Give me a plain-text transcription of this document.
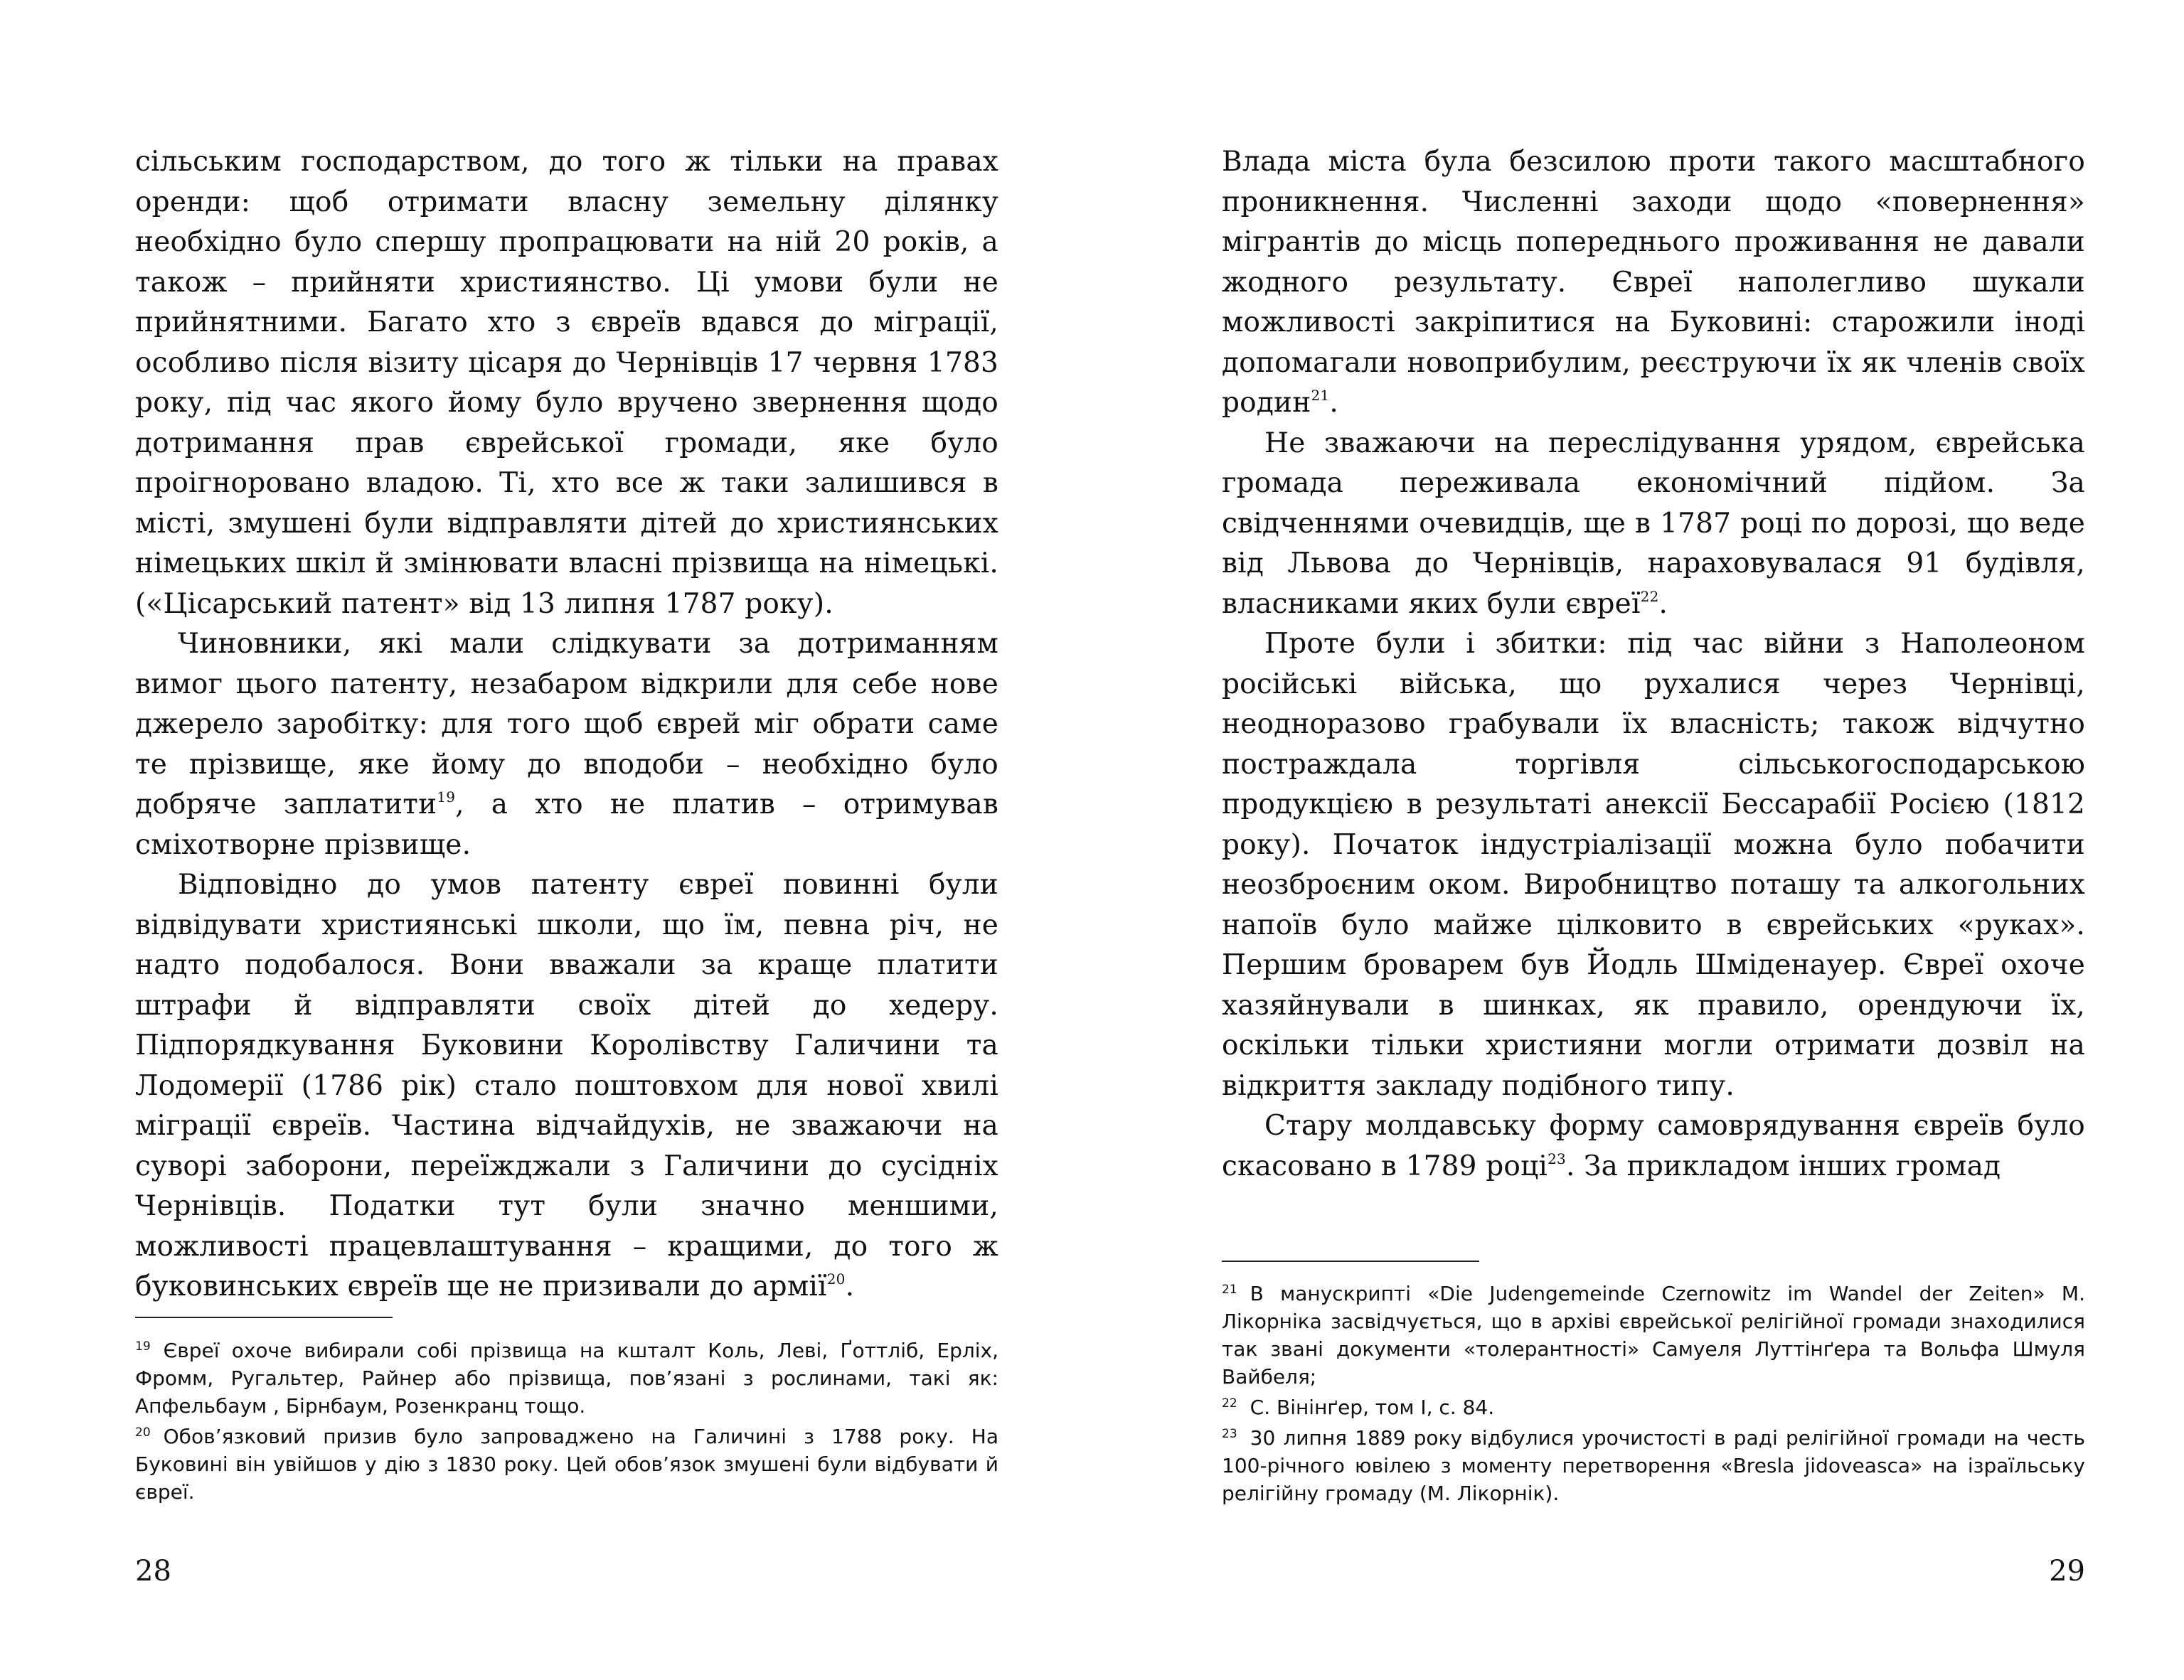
сільським господарством, до того ж тільки на правах оренди: щоб отримати власну земельну ділянку необхідно було спершу пропрацювати на ній 20 років, а також – прийняти християнство. Ці умови були не прийнятними. Багато хто з євреїв вдався до міграції, особливо після візиту цісаря до Чернівців 17 червня 1783 року, під час якого йому було вручено звернення щодо дотримання прав єврейської громади, яке було проігноровано владою. Ті, хто все ж таки залишився в місті, змушені були відправляти дітей до християнських німецьких шкіл й змінювати власні прізвища на німецькі. («Цісарський патент» від 13 липня 1787 року).

Чиновники, які мали слідкувати за дотриманням вимог цього патенту, незабаром відкрили для себе нове джерело заробітку: для того щоб єврей міг обрати саме те прізвище, яке йому до вподоби – необхідно було добряче заплатити$^{19}$, а хто не платив – отримував сміхотворне прізвище.

Відповідно до умов патенту євреї повинні були відвідувати християнські школи, що їм, певна річ, не надто подобалося. Вони вважали за краще платити штрафи й відправляти своїх дітей до хедеру. Підпорядкування Буковини Королівству Галичини та Лодомерії (1786 рік) стало поштовхом для нової хвилі міграції євреїв. Частина відчайдухів, не зважаючи на суворі заборони, переїжджали з Галичини до сусідніх Чернівців. Податки тут були значно меншими, можливості працевлаштування – кращими, до того ж буковинських євреїв ще не призивали до армії$^{20}$.

$^{19}$ Євреї охоче вибирали собі прізвища на кшталт Коль, Леві, Ґоттліб, Ерліх, Фромм, Ругальтер, Райнер або прізвища, пов’язані з рослинами, такі як: Апфельбаум , Бірнбаум, Розенкранц тощо.

$^{20}$ Обов’язковий призив було запроваджено на Галичині з 1788 року. На Буковині він увійшов у дію з 1830 року. Цей обов’язок змушені були відбувати й євреї.

28

Влада міста була безсилою проти такого масштабного проникнення. Численні заходи щодо «повернення» мігрантів до місць попереднього проживання не давали жодного результату. Євреї наполегливо шукали можливості закріпитися на Буковині: старожили іноді допомагали новоприбулим, реєструючи їх як членів своїх родин$^{21}$.

Не зважаючи на переслідування урядом, єврейська громада переживала економічний підйом. За свідченнями очевидців, ще в 1787 році по дорозі, що веде від Львова до Чернівців, нараховувалася 91 будівля, власниками яких були євреї$^{22}$.

Проте були і збитки: під час війни з Наполеоном російські війська, що рухалися через Чернівці, неодноразово грабували їх власність; також відчутно постраждала торгівля сільськогосподарською продукцією в результаті анексії Бессарабії Росією (1812 року). Початок індустріалізації можна було побачити неозброєним оком. Виробництво поташу та алкогольних напоїв було майже цілковито в єврейських «руках». Першим броварем був Йодль Шміденауер. Євреї охоче хазяйнували в шинках, як правило, орендуючи їх, оскільки тільки християни могли отримати дозвіл на відкриття закладу подібного типу.

Стару молдавську форму самоврядування євреїв було скасовано в 1789 році$^{23}$. За прикладом інших громад

$^{21}$ В манускрипті «Die Judengemeinde Czernowitz im Wandel der Zeiten» М. Лікорніка засвідчується, що в архіві єврейської релігійної громади знаходилися так звані документи «толерантності» Самуеля Луттінґера та Вольфа Шмуля Вайбеля;

$^{22}$ С. Вінінґер, том І, с. 84.

$^{23}$ 30 липня 1889 року відбулися урочистості в раді релігійної громади на честь 100-річного ювілею з моменту перетворення «Bresla jidoveasca» на ізраїльську релігійну громаду (М. Лікорнік).

29
